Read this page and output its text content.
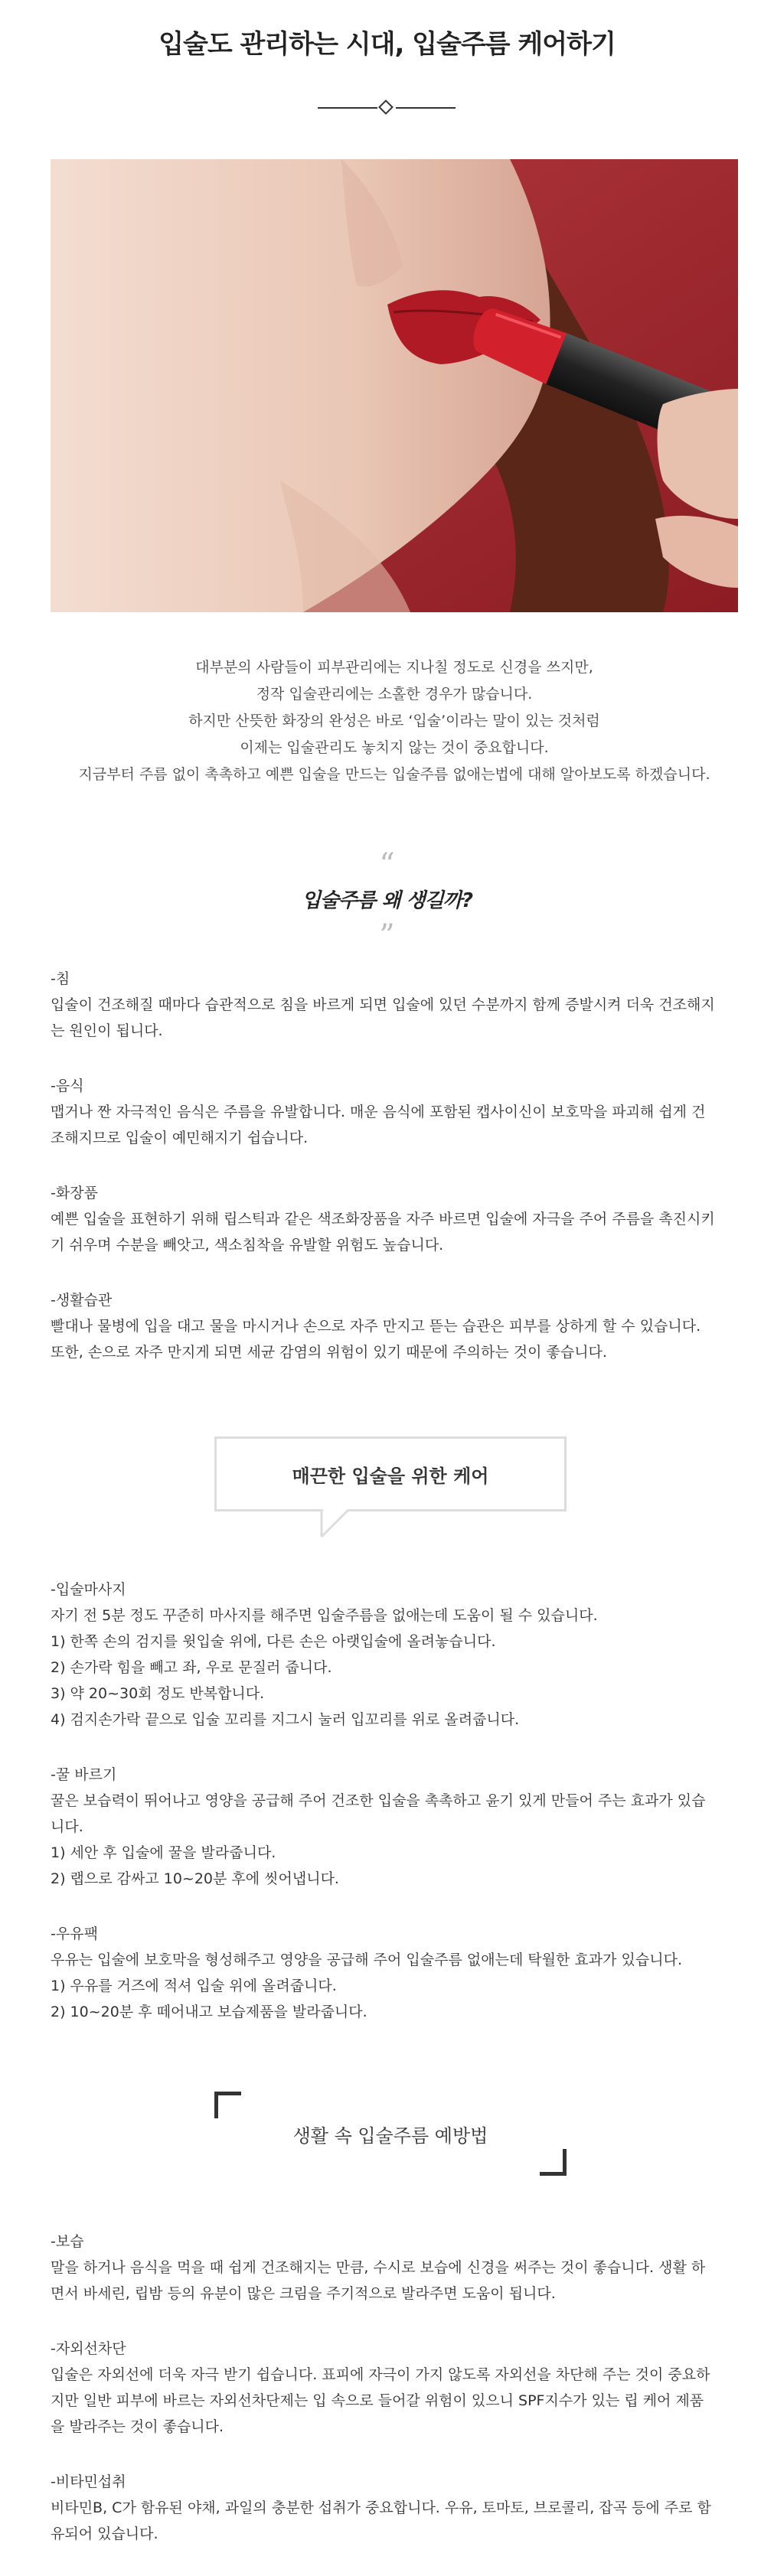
입술도 관리하는 시대, 입술주름 케어하기
대부분의 사람들이 피부관리에는 지나칠 정도로 신경을 쓰지만,
정작 입술관리에는 소홀한 경우가 많습니다.
하지만 산뜻한 화장의 완성은 바로 ‘입술’이라는 말이 있는 것처럼
이제는 입술관리도 놓치지 않는 것이 중요합니다.
지금부터 주름 없이 촉촉하고 예쁜 입술을 만드는 입술주름 없애는법에 대해 알아보도록 하겠습니다.
“
입술주름 왜 생길까?
”
-침
입술이 건조해질 때마다 습관적으로 침을 바르게 되면 입술에 있던 수분까지 함께 증발시켜 더욱 건조해지
는 원인이 됩니다.
-음식
맵거나 짠 자극적인 음식은 주름을 유발합니다. 매운 음식에 포함된 캡사이신이 보호막을 파괴해 쉽게 건
조해지므로 입술이 예민해지기 쉽습니다.
-화장품
예쁜 입술을 표현하기 위해 립스틱과 같은 색조화장품을 자주 바르면 입술에 자극을 주어 주름을 촉진시키
기 쉬우며 수분을 빼앗고, 색소침착을 유발할 위험도 높습니다.
-생활습관
빨대나 물병에 입을 대고 물을 마시거나 손으로 자주 만지고 뜯는 습관은 피부를 상하게 할 수 있습니다.
또한, 손으로 자주 만지게 되면 세균 감염의 위험이 있기 때문에 주의하는 것이 좋습니다.
매끈한 입술을 위한 케어
-입술마사지
자기 전 5분 정도 꾸준히 마사지를 해주면 입술주름을 없애는데 도움이 될 수 있습니다.
1) 한쪽 손의 검지를 윗입술 위에, 다른 손은 아랫입술에 올려놓습니다.
2) 손가락 힘을 빼고 좌, 우로 문질러 줍니다.
3) 약 20~30회 정도 반복합니다.
4) 검지손가락 끝으로 입술 꼬리를 지그시 눌러 입꼬리를 위로 올려줍니다.
-꿀 바르기
꿀은 보습력이 뛰어나고 영양을 공급해 주어 건조한 입술을 촉촉하고 윤기 있게 만들어 주는 효과가 있습
니다.
1) 세안 후 입술에 꿀을 발라줍니다.
2) 랩으로 감싸고 10~20분 후에 씻어냅니다.
-우유팩
우유는 입술에 보호막을 형성해주고 영양을 공급해 주어 입술주름 없애는데 탁월한 효과가 있습니다.
1) 우유를 거즈에 적셔 입술 위에 올려줍니다.
2) 10~20분 후 떼어내고 보습제품을 발라줍니다.
생활 속 입술주름 예방법
-보습
말을 하거나 음식을 먹을 때 쉽게 건조해지는 만큼, 수시로 보습에 신경을 써주는 것이 좋습니다. 생활 하
면서 바세린, 립밤 등의 유분이 많은 크림을 주기적으로 발라주면 도움이 됩니다.
-자외선차단
입술은 자외선에 더욱 자극 받기 쉽습니다. 표피에 자극이 가지 않도록 자외선을 차단해 주는 것이 중요하
지만 일반 피부에 바르는 자외선차단제는 입 속으로 들어갈 위험이 있으니 SPF지수가 있는 립 케어 제품
을 발라주는 것이 좋습니다.
-비타민섭취
비타민B, C가 함유된 야채, 과일의 충분한 섭취가 중요합니다. 우유, 토마토, 브로콜리, 잡곡 등에 주로 함
유되어 있습니다.
